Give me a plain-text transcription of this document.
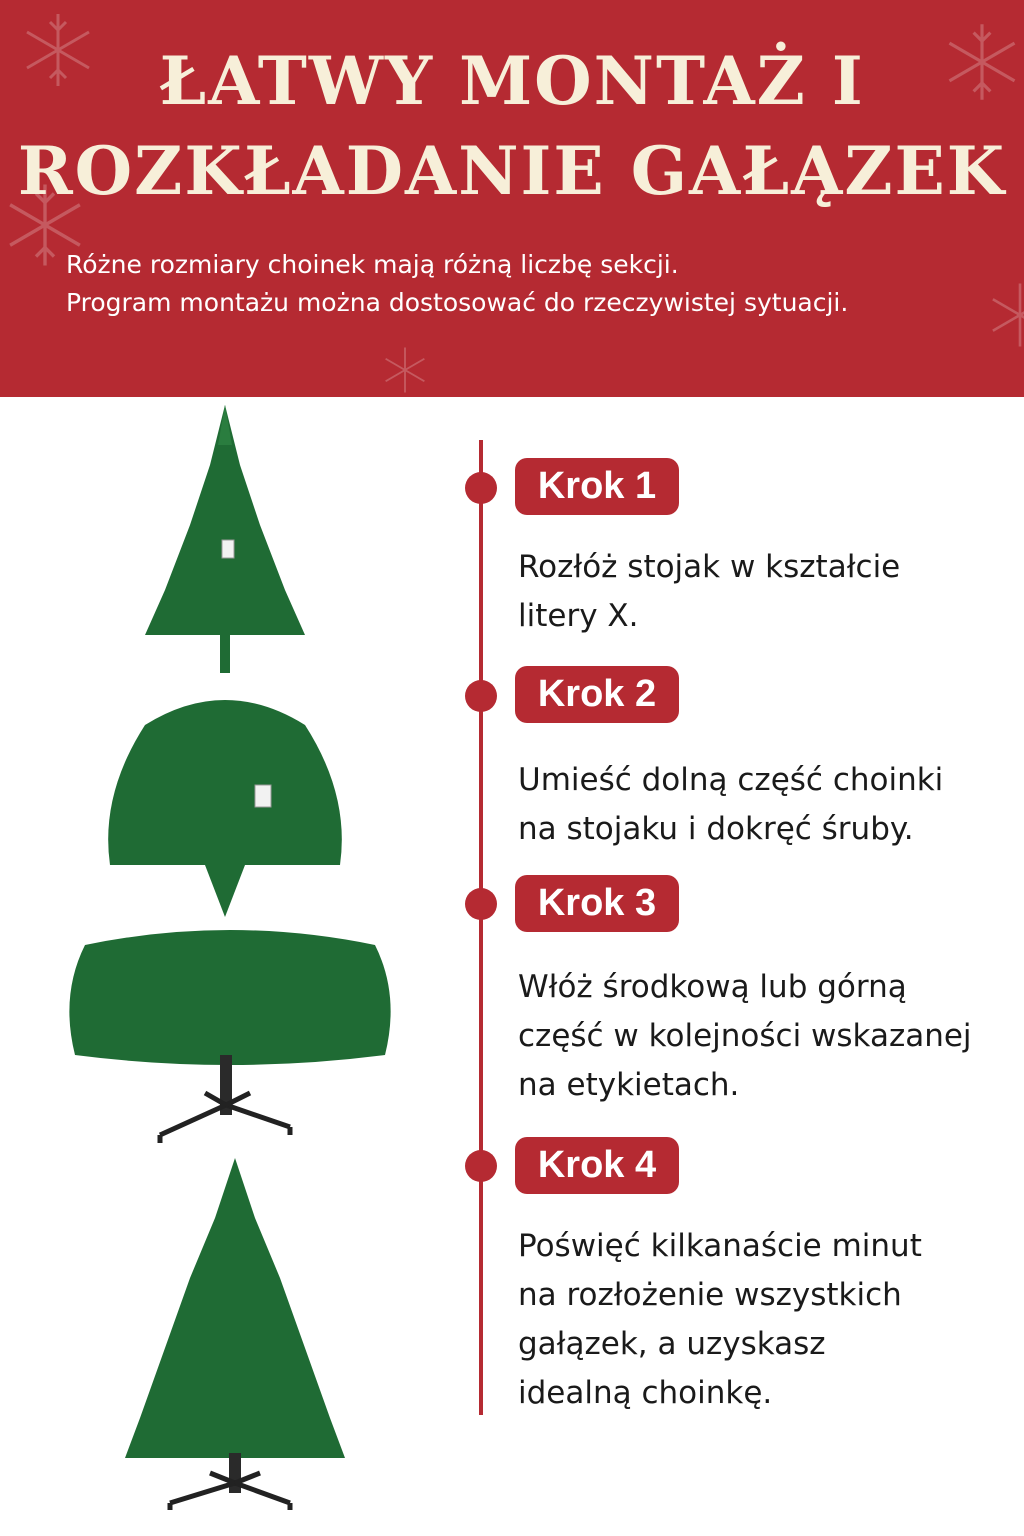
ŁATWY MONTAŻ I
ROZKŁADANIE GAŁĄZEK
Różne rozmiary choinek mają różną liczbę sekcji.
Program montażu można dostosować do rzeczywistej sytuacji.
Krok 1
Rozłóż stojak w kształcie
litery X.
Krok 2
Umieść dolną część choinki
na stojaku i dokręć śruby.
Krok 3
Włóż środkową lub górną
część w kolejności wskazanej
na etykietach.
Krok 4
Poświęć kilkanaście minut
na rozłożenie wszystkich
gałązek, a uzyskasz
idealną choinkę.
